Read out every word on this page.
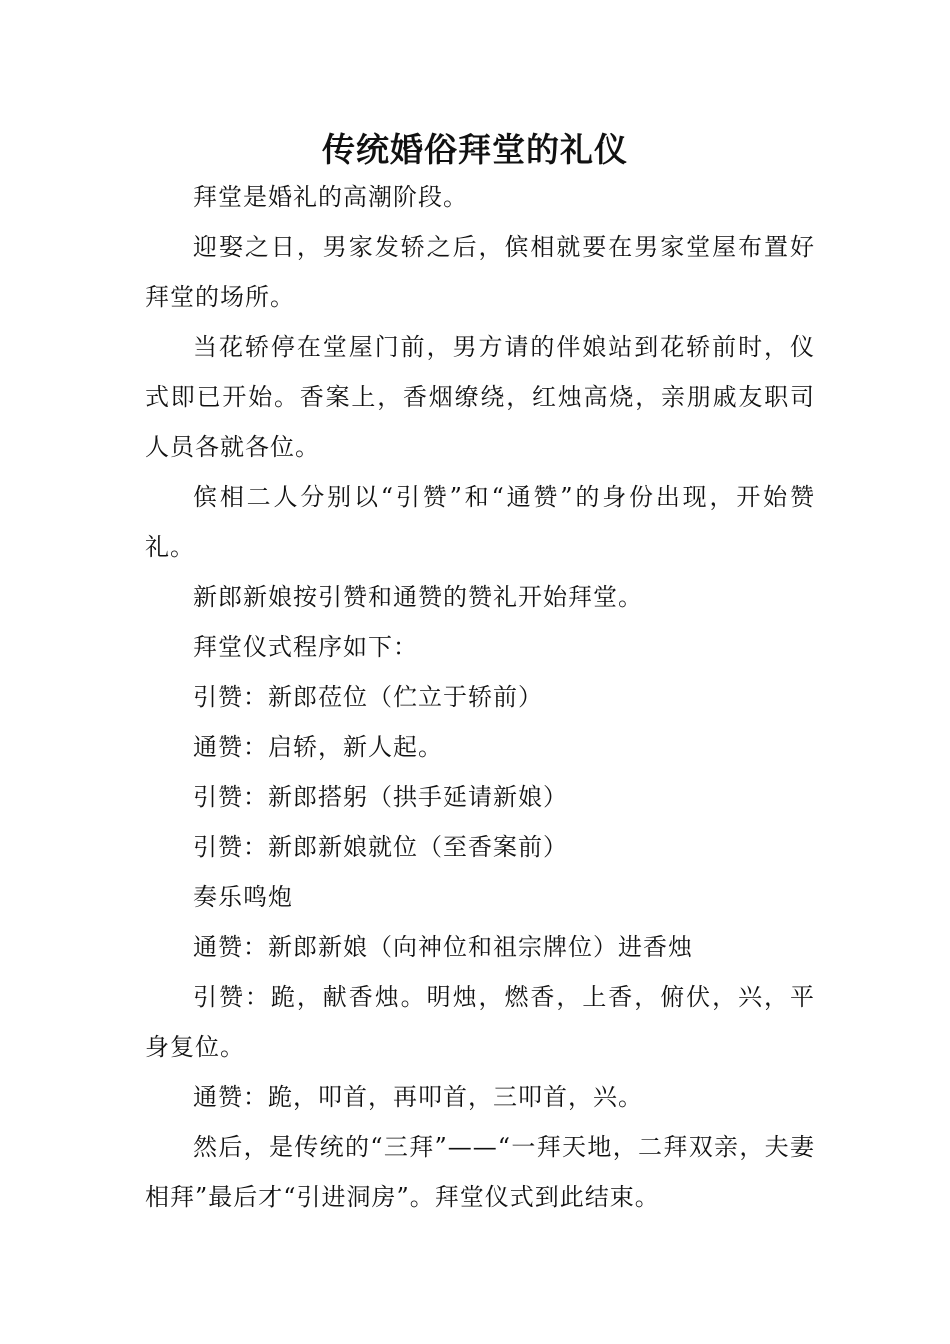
传统婚俗拜堂的礼仪

拜堂是婚礼的高潮阶段。

迎娶之日，男家发轿之后，傧相就要在男家堂屋布置好拜堂的场所。

当花轿停在堂屋门前，男方请的伴娘站到花轿前时，仪式即已开始。香案上，香烟缭绕，红烛高烧，亲朋戚友职司人员各就各位。

傧相二人分别以“引赞”和“通赞”的身份出现，开始赞礼。

新郎新娘按引赞和通赞的赞礼开始拜堂。

拜堂仪式程序如下：

引赞：新郎莅位（伫立于轿前）

通赞：启轿，新人起。

引赞：新郎搭躬（拱手延请新娘）

引赞：新郎新娘就位（至香案前）

奏乐鸣炮

通赞：新郎新娘（向神位和祖宗牌位）进香烛

引赞：跪，献香烛。明烛，燃香，上香，俯伏，兴，平身复位。

通赞：跪，叩首，再叩首，三叩首，兴。

然后，是传统的“三拜”——“一拜天地，二拜双亲，夫妻相拜”最后才“引进洞房”。拜堂仪式到此结束。
